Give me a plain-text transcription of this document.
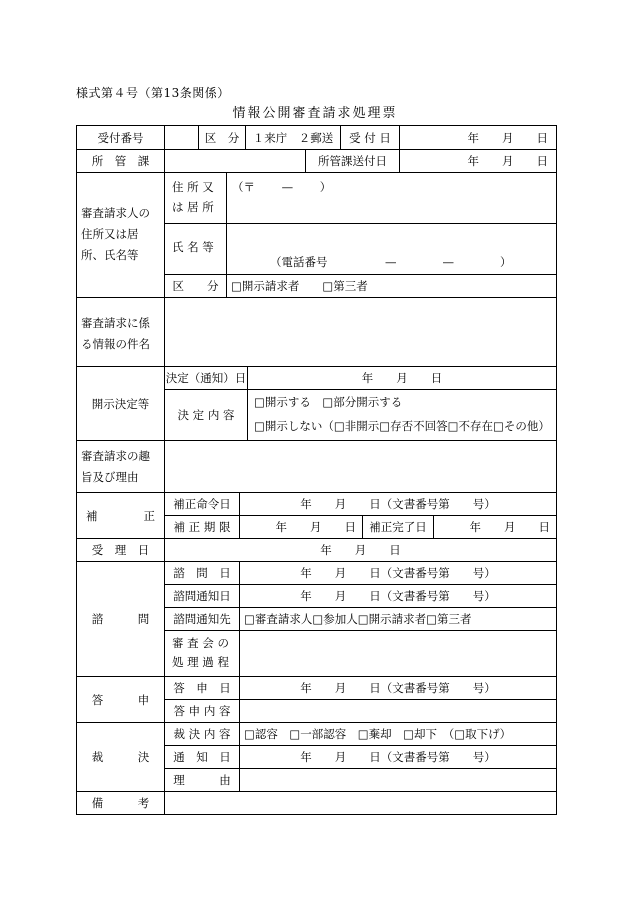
様式第４号（第13条関係）
情報公開審査請求処理票
受付番号	区　分	１来庁　２郵送	受 付 日	年　　月　　日
所　管　課	所管課送付日	年　　月　　日
審査請求人の住所又は居所、氏名等
住 所 又
は 居 所
（〒　　 —　　 ）
氏 名 等
（電話番号　　　　　—　　　　—　　　　）
区　　分	□開示請求者　　□第三者
審査請求に係る情報の件名
開示決定等
決定（通知）日	年　　月　　日
決 定 内 容
□開示する　□部分開示する
□開示しない（□非開示□存否不回答□不存在□その他）
審査請求の趣旨及び理由
補　　　　正
補正命令日	年　　月　　日（文書番号第　　号）
補 正 期 限	年　　月　　日	補正完了日	年　　月　　日
受　理　日	年　　月　　日
諮　　　問
諮　問　日	年　　月　　日（文書番号第　　号）
諮問通知日	年　　月　　日（文書番号第　　号）
諮問通知先	□審査請求人□参加人□開示請求者□第三者
審 査 会 の
処 理 過 程
答　　　申
答　申　日	年　　月　　日（文書番号第　　号）
答 申 内 容
裁　　　決
裁 決 内 容	□認容　□一部認容　□棄却　□却下　（□取下げ）
通　知　日	年　　月　　日（文書番号第　　号）
理　　　由
備　　　考
